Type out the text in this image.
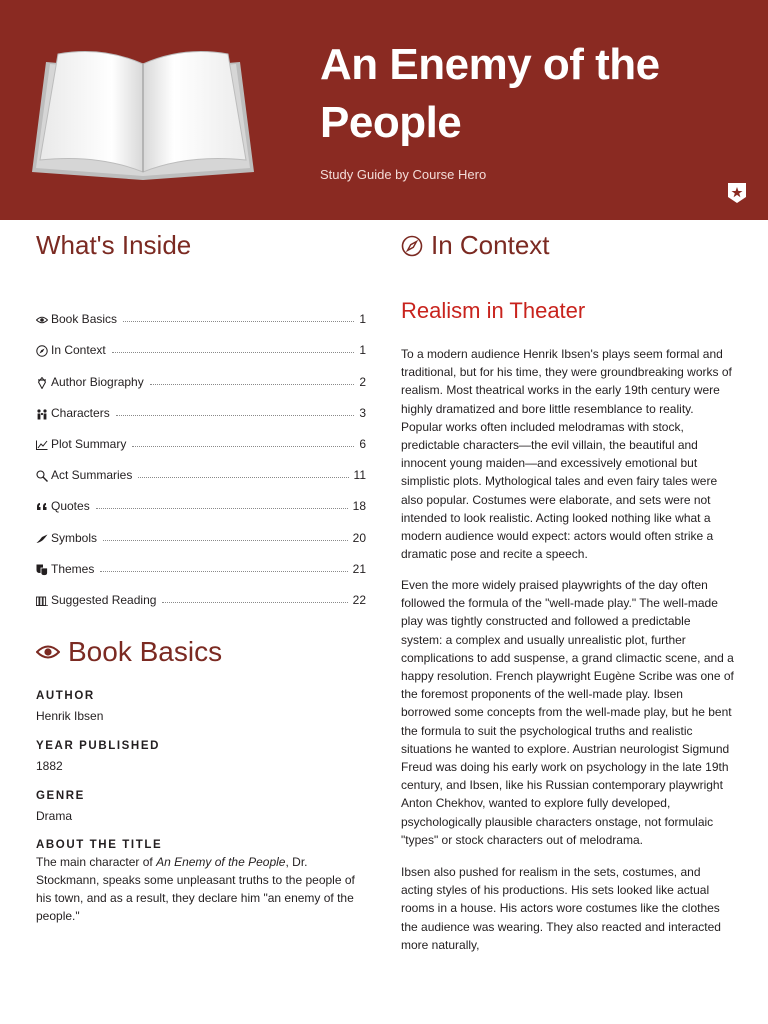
An Enemy of the People
Study Guide by Course Hero
What's Inside
Book Basics	1
In Context	1
Author Biography	2
Characters	3
Plot Summary	6
Act Summaries	11
Quotes	18
Symbols	20
Themes	21
Suggested Reading	22
Book Basics
AUTHOR
Henrik Ibsen
YEAR PUBLISHED
1882
GENRE
Drama
ABOUT THE TITLE
The main character of An Enemy of the People, Dr. Stockmann, speaks some unpleasant truths to the people of his town, and as a result, they declare him "an enemy of the people."
In Context
Realism in Theater

To a modern audience Henrik Ibsen's plays seem formal and traditional, but for his time, they were groundbreaking works of realism. Most theatrical works in the early 19th century were highly dramatized and bore little resemblance to reality. Popular works often included melodramas with stock, predictable characters—the evil villain, the beautiful and innocent young maiden—and excessively emotional but simplistic plots. Mythological tales and even fairy tales were also popular. Costumes were elaborate, and sets were not intended to look realistic. Acting looked nothing like what a modern audience would expect: actors would often strike a dramatic pose and recite a speech.

Even the more widely praised playwrights of the day often followed the formula of the "well-made play." The well-made play was tightly constructed and followed a predictable system: a complex and usually unrealistic plot, further complications to add suspense, a grand climactic scene, and a happy resolution. French playwright Eugène Scribe was one of the foremost proponents of the well-made play. Ibsen borrowed some concepts from the well-made play, but he bent the formula to suit the psychological truths and realistic situations he wanted to explore. Austrian neurologist Sigmund Freud was doing his early work on psychology in the late 19th century, and Ibsen, like his Russian contemporary playwright Anton Chekhov, wanted to explore fully developed, psychologically plausible characters onstage, not formulaic "types" or stock characters out of melodrama.

Ibsen also pushed for realism in the sets, costumes, and acting styles of his productions. His sets looked like actual rooms in a house. His actors wore costumes like the clothes the audience was wearing. They also reacted and interacted more naturally,
